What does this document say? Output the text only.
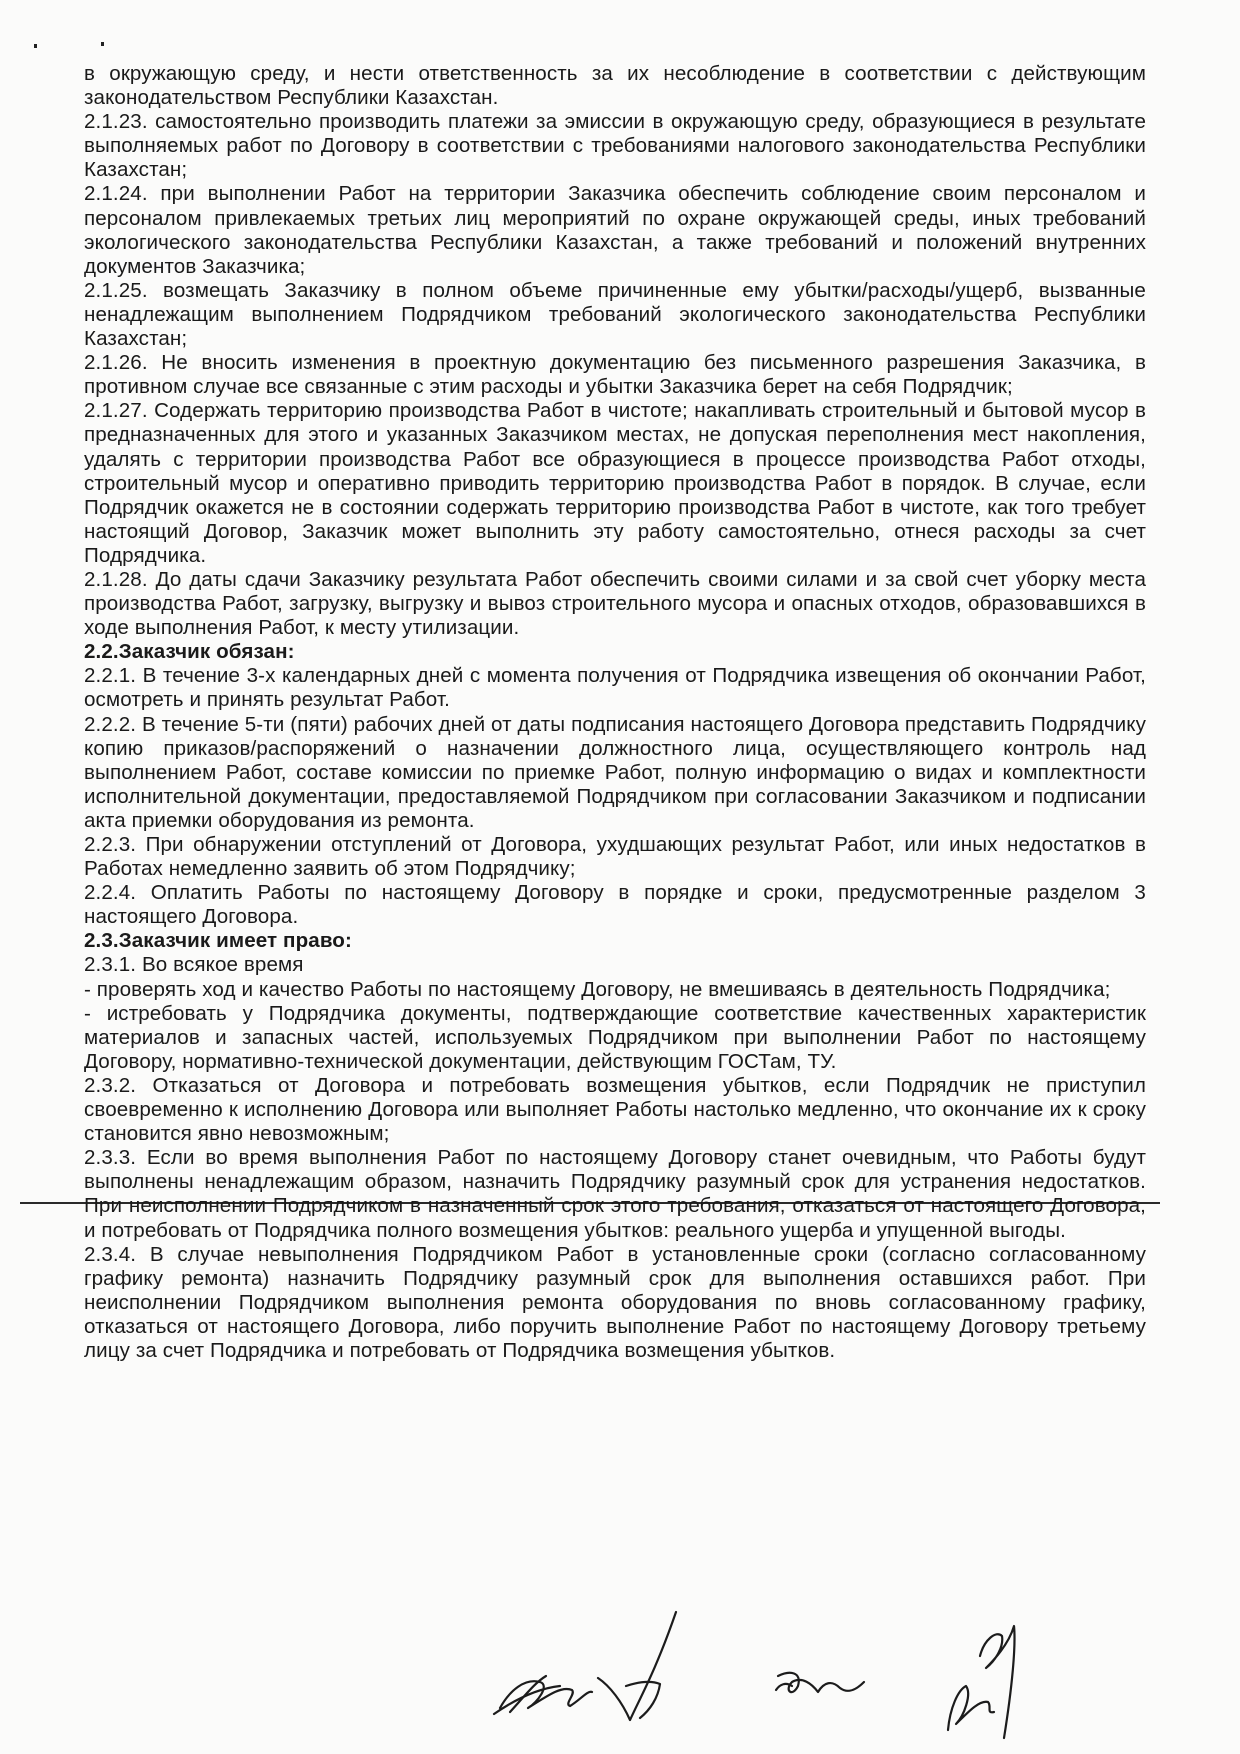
в окружающую среду, и нести ответственность за их несоблюдение в соответствии с действующим законодательством Республики Казахстан.

2.1.23. самостоятельно производить платежи за эмиссии в окружающую среду, образующиеся в результате выполняемых работ по Договору в соответствии с требованиями налогового законодательства Республики Казахстан;

2.1.24. при выполнении Работ на территории Заказчика обеспечить соблюдение своим персоналом и персоналом привлекаемых третьих лиц мероприятий по охране окружающей среды, иных требований экологического законодательства Республики Казахстан, а также требований и положений внутренних документов Заказчика;

2.1.25. возмещать Заказчику в полном объеме причиненные ему убытки/расходы/ущерб, вызванные ненадлежащим выполнением Подрядчиком требований экологического законодательства Республики Казахстан;

2.1.26. Не вносить изменения в проектную документацию без письменного разрешения Заказчика, в противном случае все связанные с этим расходы и убытки Заказчика берет на себя Подрядчик;

2.1.27. Содержать территорию производства Работ в чистоте; накапливать строительный и бытовой мусор в предназначенных для этого и указанных Заказчиком местах, не допуская переполнения мест накопления, удалять с территории производства Работ все образующиеся в процессе производства Работ отходы, строительный мусор и оперативно приводить территорию производства Работ в порядок. В случае, если Подрядчик окажется не в состоянии содержать территорию производства Работ в чистоте, как того требует настоящий Договор, Заказчик может выполнить эту работу самостоятельно, отнеся расходы за счет Подрядчика.

2.1.28. До даты сдачи Заказчику результата Работ обеспечить своими силами и за свой счет уборку места производства Работ, загрузку, выгрузку и вывоз строительного мусора и опасных отходов, образовавшихся в ходе выполнения Работ, к месту утилизации.

2.2.Заказчик обязан:

2.2.1. В течение 3-х календарных дней с момента получения от Подрядчика извещения об окончании Работ, осмотреть и принять результат Работ.

2.2.2. В течение 5-ти (пяти) рабочих дней от даты подписания настоящего Договора представить Подрядчику копию приказов/распоряжений о назначении должностного лица, осуществляющего контроль над выполнением Работ, составе комиссии по приемке Работ, полную информацию о видах и комплектности исполнительной документации, предоставляемой Подрядчиком при согласовании Заказчиком и подписании акта приемки оборудования из ремонта.

2.2.3. При обнаружении отступлений от Договора, ухудшающих результат Работ, или иных недостатков в Работах немедленно заявить об этом Подрядчику;

2.2.4. Оплатить Работы по настоящему Договору в порядке и сроки, предусмотренные разделом 3 настоящего Договора.

2.3.Заказчик имеет право:

2.3.1. Во всякое время

- проверять ход и качество Работы по настоящему Договору, не вмешиваясь в деятельность Подрядчика;

- истребовать у Подрядчика документы, подтверждающие соответствие качественных характеристик материалов и запасных частей, используемых Подрядчиком при выполнении Работ по настоящему Договору, нормативно-технической документации, действующим ГОСТам, ТУ.

2.3.2. Отказаться от Договора и потребовать возмещения убытков, если Подрядчик не приступил своевременно к исполнению Договора или выполняет Работы настолько медленно, что окончание их к сроку становится явно невозможным;

2.3.3. Если во время выполнения Работ по настоящему Договору станет очевидным, что Работы будут выполнены ненадлежащим образом, назначить Подрядчику разумный срок для устранения недостатков. При неисполнении Подрядчиком в назначенный срок этого требования, отказаться от настоящего Договора, и потребовать от Подрядчика полного возмещения убытков: реального ущерба и упущенной выгоды.

2.3.4. В случае невыполнения Подрядчиком Работ в установленные сроки (согласно согласованному графику ремонта) назначить Подрядчику разумный срок для выполнения оставшихся работ. При неисполнении Подрядчиком выполнения ремонта оборудования по вновь согласованному графику, отказаться от настоящего Договора, либо поручить выполнение Работ по настоящему Договору третьему лицу за счет Подрядчика и потребовать от Подрядчика возмещения убытков.
